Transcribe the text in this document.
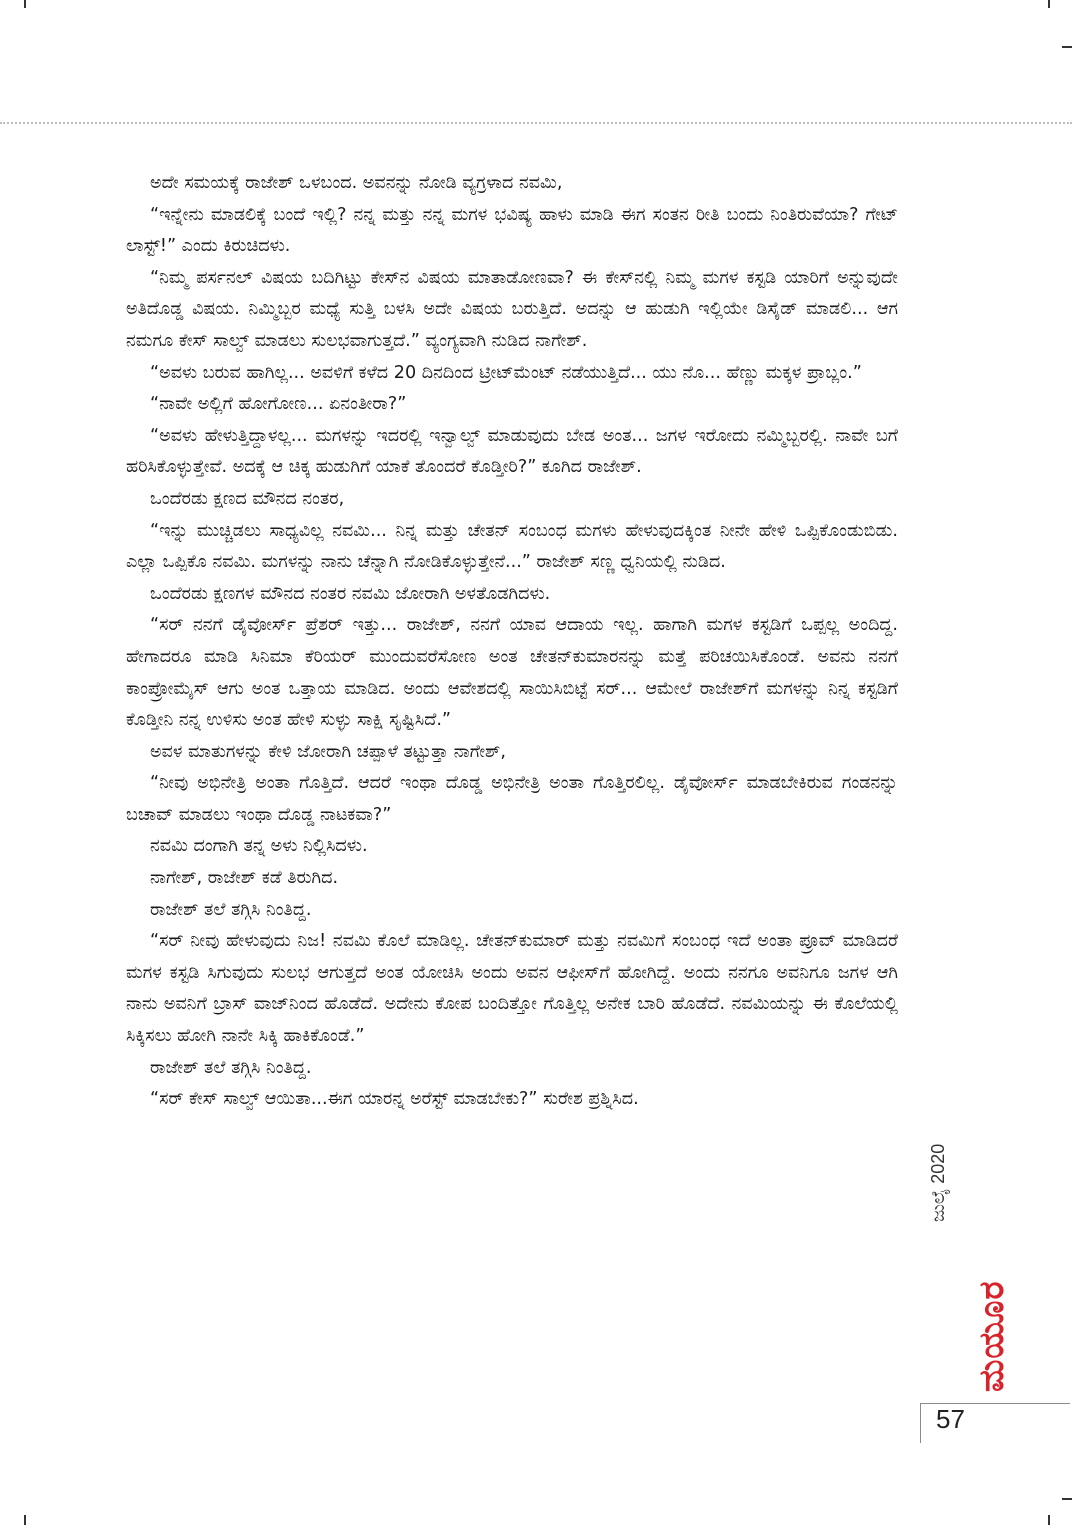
ಅದೇ ಸಮಯಕ್ಕೆ ರಾಜೇಶ್ ಒಳಬಂದ. ಅವನನ್ನು ನೋಡಿ ವ್ಯಗ್ರಳಾದ ನವಮಿ,

“ಇನ್ನೇನು ಮಾಡಲಿಕ್ಕೆ ಬಂದೆ ಇಲ್ಲಿ? ನನ್ನ ಮತ್ತು ನನ್ನ ಮಗಳ ಭವಿಷ್ಯ ಹಾಳು ಮಾಡಿ ಈಗ ಸಂತನ ರೀತಿ ಬಂದು ನಿಂತಿರುವೆಯಾ? ಗೇಟ್ ಲಾಸ್ಟ್!” ಎಂದು ಕಿರುಚಿದಳು.

“ನಿಮ್ಮ ಪರ್ಸನಲ್ ವಿಷಯ ಬದಿಗಿಟ್ಟು ಕೇಸ್‌ನ ವಿಷಯ ಮಾತಾಡೋಣವಾ? ಈ ಕೇಸ್‌ನಲ್ಲಿ ನಿಮ್ಮ ಮಗಳ ಕಸ್ಟಡಿ ಯಾರಿಗೆ ಅನ್ನುವುದೇ ಅತಿದೊಡ್ಡ ವಿಷಯ. ನಿಮ್ಮಿಬ್ಬರ ಮಧ್ಯೆ ಸುತ್ತಿ ಬಳಸಿ ಅದೇ ವಿಷಯ ಬರುತ್ತಿದೆ. ಅದನ್ನು ಆ ಹುಡುಗಿ ಇಲ್ಲಿಯೇ ಡಿಸೈಡ್ ಮಾಡಲಿ... ಆಗ ನಮಗೂ ಕೇಸ್ ಸಾಲ್ವ್ ಮಾಡಲು ಸುಲಭವಾಗುತ್ತದೆ.” ವ್ಯಂಗ್ಯವಾಗಿ ನುಡಿದ ನಾಗೇಶ್.

“ಅವಳು ಬರುವ ಹಾಗಿಲ್ಲ... ಅವಳಿಗೆ ಕಳೆದ 20 ದಿನದಿಂದ ಟ್ರೀಟ್‌ಮೆಂಟ್ ನಡೆಯುತ್ತಿದೆ... ಯು ನೊ... ಹೆಣ್ಣು ಮಕ್ಕಳ ಪ್ರಾಬ್ಲಂ.”

“ನಾವೇ ಅಲ್ಲಿಗೆ ಹೋಗೋಣ... ಏನಂತೀರಾ?”

“ಅವಳು ಹೇಳುತ್ತಿದ್ದಾಳಲ್ಲ... ಮಗಳನ್ನು ಇದರಲ್ಲಿ ಇನ್ವಾಲ್ವ್ ಮಾಡುವುದು ಬೇಡ ಅಂತ... ಜಗಳ ಇರೋದು ನಮ್ಮಿಬ್ಬರಲ್ಲಿ. ನಾವೇ ಬಗೆ ಹರಿಸಿಕೊಳ್ಳುತ್ತೇವೆ. ಅದಕ್ಕೆ ಆ ಚಿಕ್ಕ ಹುಡುಗಿಗೆ ಯಾಕೆ ತೊಂದರೆ ಕೊಡ್ತೀರಿ?” ಕೂಗಿದ ರಾಜೇಶ್.

ಒಂದೆರಡು ಕ್ಷಣದ ಮೌನದ ನಂತರ,

“ಇನ್ನು ಮುಚ್ಚಿಡಲು ಸಾಧ್ಯವಿಲ್ಲ ನವಮಿ... ನಿನ್ನ ಮತ್ತು ಚೇತನ್ ಸಂಬಂಧ ಮಗಳು ಹೇಳುವುದಕ್ಕಿಂತ ನೀನೇ ಹೇಳಿ ಒಪ್ಪಿಕೊಂಡುಬಿಡು. ಎಲ್ಲಾ ಒಪ್ಪಿಕೊ ನವಮಿ. ಮಗಳನ್ನು ನಾನು ಚೆನ್ನಾಗಿ ನೋಡಿಕೊಳ್ಳುತ್ತೇನೆ...” ರಾಜೇಶ್ ಸಣ್ಣ ಧ್ವನಿಯಲ್ಲಿ ನುಡಿದ.

ಒಂದೆರಡು ಕ್ಷಣಗಳ ಮೌನದ ನಂತರ ನವಮಿ ಜೋರಾಗಿ ಅಳತೊಡಗಿದಳು.

“ಸರ್ ನನಗೆ ಡೈವೋರ್ಸ್ ಪ್ರೆಶರ್ ಇತ್ತು... ರಾಜೇಶ್, ನನಗೆ ಯಾವ ಆದಾಯ ಇಲ್ಲ. ಹಾಗಾಗಿ ಮಗಳ ಕಸ್ಟಡಿಗೆ ಒಪ್ಪಲ್ಲ ಅಂದಿದ್ದ. ಹೇಗಾದರೂ ಮಾಡಿ ಸಿನಿಮಾ ಕೆರಿಯರ್ ಮುಂದುವರೆಸೋಣ ಅಂತ ಚೇತನ್‌ಕುಮಾರನನ್ನು ಮತ್ತೆ ಪರಿಚಯಿಸಿಕೊಂಡೆ. ಅವನು ನನಗೆ ಕಾಂಪ್ರೋಮೈಸ್ ಆಗು ಅಂತ ಒತ್ತಾಯ ಮಾಡಿದ. ಅಂದು ಆವೇಶದಲ್ಲಿ ಸಾಯಿಸಿಬಿಟ್ಟೆ ಸರ್... ಆಮೇಲೆ ರಾಜೇಶ್‌ಗೆ ಮಗಳನ್ನು ನಿನ್ನ ಕಸ್ಟಡಿಗೆ ಕೊಡ್ತೀನಿ ನನ್ನ ಉಳಿಸು ಅಂತ ಹೇಳಿ ಸುಳ್ಳು ಸಾಕ್ಷಿ ಸೃಷ್ಟಿಸಿದೆ.”

ಅವಳ ಮಾತುಗಳನ್ನು ಕೇಳಿ ಜೋರಾಗಿ ಚಪ್ಪಾಳೆ ತಟ್ಟುತ್ತಾ ನಾಗೇಶ್,

“ನೀವು ಅಭಿನೇತ್ರಿ ಅಂತಾ ಗೊತ್ತಿದೆ. ಆದರೆ ಇಂಥಾ ದೊಡ್ಡ ಅಭಿನೇತ್ರಿ ಅಂತಾ ಗೊತ್ತಿರಲಿಲ್ಲ. ಡೈವೋರ್ಸ್ ಮಾಡಬೇಕಿರುವ ಗಂಡನನ್ನು ಬಚಾವ್ ಮಾಡಲು ಇಂಥಾ ದೊಡ್ಡ ನಾಟಕವಾ?”

ನವಮಿ ದಂಗಾಗಿ ತನ್ನ ಅಳು ನಿಲ್ಲಿಸಿದಳು.

ನಾಗೇಶ್, ರಾಜೇಶ್ ಕಡೆ ತಿರುಗಿದ.

ರಾಜೇಶ್ ತಲೆ ತಗ್ಗಿಸಿ ನಿಂತಿದ್ದ.

“ಸರ್ ನೀವು ಹೇಳುವುದು ನಿಜ! ನವಮಿ ಕೊಲೆ ಮಾಡಿಲ್ಲ. ಚೇತನ್‌ಕುಮಾರ್ ಮತ್ತು ನವಮಿಗೆ ಸಂಬಂಧ ಇದೆ ಅಂತಾ ಪ್ರೂವ್ ಮಾಡಿದರೆ ಮಗಳ ಕಸ್ಟಡಿ ಸಿಗುವುದು ಸುಲಭ ಆಗುತ್ತದೆ ಅಂತ ಯೋಚಿಸಿ ಅಂದು ಅವನ ಆಫೀಸ್‌ಗೆ ಹೋಗಿದ್ದೆ. ಅಂದು ನನಗೂ ಅವನಿಗೂ ಜಗಳ ಆಗಿ ನಾನು ಅವನಿಗೆ ಬ್ರಾಸ್ ವಾಜ್‌ನಿಂದ ಹೊಡೆದೆ. ಅದೇನು ಕೋಪ ಬಂದಿತ್ತೋ ಗೊತ್ತಿಲ್ಲ ಅನೇಕ ಬಾರಿ ಹೊಡೆದೆ. ನವಮಿಯನ್ನು ಈ ಕೊಲೆಯಲ್ಲಿ ಸಿಕ್ಕಿಸಲು ಹೋಗಿ ನಾನೇ ಸಿಕ್ಕಿ ಹಾಕಿಕೊಂಡೆ.”

ರಾಜೇಶ್ ತಲೆ ತಗ್ಗಿಸಿ ನಿಂತಿದ್ದ.

“ಸರ್ ಕೇಸ್ ಸಾಲ್ವ್ ಆಯಿತಾ...ಈಗ ಯಾರನ್ನ ಅರೆಸ್ಟ್ ಮಾಡಬೇಕು?” ಸುರೇಶ ಪ್ರಶ್ನಿಸಿದ.

ಜುಲೈ 2020
ಮಯೂರ
57
